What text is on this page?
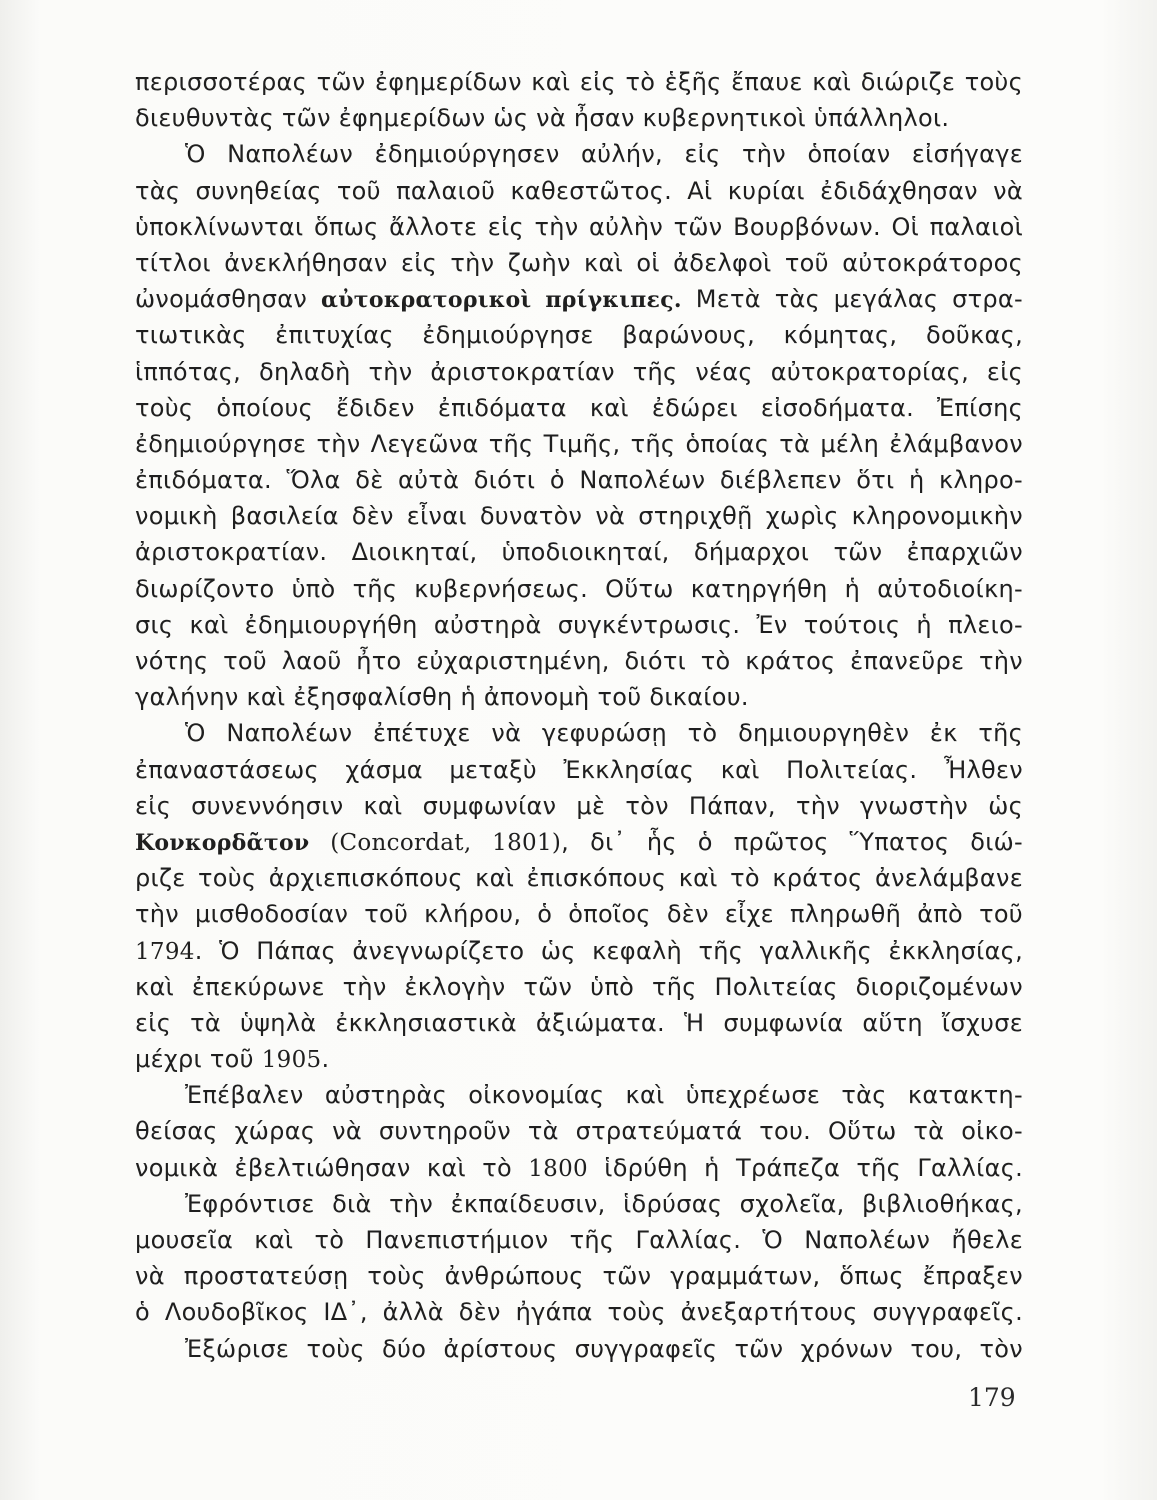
περισσοτέρας τῶν ἐφημερίδων καὶ εἰς τὸ ἑξῆς ἔπαυε καὶ διώριζε τοὺς
διευθυντὰς τῶν ἐφημερίδων ὡς νὰ ἦσαν κυβερνητικοὶ ὑπάλληλοι.
Ὁ Ναπολέων ἐδημιούργησεν αὐλήν, εἰς τὴν ὁποίαν εἰσήγαγε
τὰς συνηθείας τοῦ παλαιοῦ καθεστῶτος. Αἱ κυρίαι ἐδιδάχθησαν νὰ
ὑποκλίνωνται ὅπως ἄλλοτε εἰς τὴν αὐλὴν τῶν Βουρβόνων. Οἱ παλαιοὶ
τίτλοι ἀνεκλήθησαν εἰς τὴν ζωὴν καὶ οἱ ἀδελφοὶ τοῦ αὐτοκράτορος
ὠνομάσθησαν αὐτοκρατορικοὶ πρίγκιπες. Μετὰ τὰς μεγάλας στρα-
τιωτικὰς ἐπιτυχίας ἐδημιούργησε βαρώνους, κόμητας, δοῦκας,
ἱππότας, δηλαδὴ τὴν ἀριστοκρατίαν τῆς νέας αὐτοκρατορίας, εἰς
τοὺς ὁποίους ἔδιδεν ἐπιδόματα καὶ ἐδώρει εἰσοδήματα. Ἐπίσης
ἐδημιούργησε τὴν Λεγεῶνα τῆς Τιμῆς, τῆς ὁποίας τὰ μέλη ἐλάμβανον
ἐπιδόματα. Ὅλα δὲ αὐτὰ διότι ὁ Ναπολέων διέβλεπεν ὅτι ἡ κληρο-
νομικὴ βασιλεία δὲν εἶναι δυνατὸν νὰ στηριχθῇ χωρὶς κληρονομικὴν
ἀριστοκρατίαν. Διοικηταί, ὑποδιοικηταί, δήμαρχοι τῶν ἐπαρχιῶν
διωρίζοντο ὑπὸ τῆς κυβερνήσεως. Οὕτω κατηργήθη ἡ αὐτοδιοίκη-
σις καὶ ἐδημιουργήθη αὐστηρὰ συγκέντρωσις. Ἐν τούτοις ἡ πλειο-
νότης τοῦ λαοῦ ἦτο εὐχαριστημένη, διότι τὸ κράτος ἐπανεῦρε τὴν
γαλήνην καὶ ἐξησφαλίσθη ἡ ἀπονομὴ τοῦ δικαίου.
Ὁ Ναπολέων ἐπέτυχε νὰ γεφυρώσῃ τὸ δημιουργηθὲν ἐκ τῆς
ἐπαναστάσεως χάσμα μεταξὺ Ἐκκλησίας καὶ Πολιτείας. Ἦλθεν
εἰς συνεννόησιν καὶ συμφωνίαν μὲ τὸν Πάπαν, τὴν γνωστὴν ὡς
Κονκορδᾶτον (Concordat, 1801), δι᾽ ἧς ὁ πρῶτος Ὕπατος διώ-
ριζε τοὺς ἀρχιεπισκόπους καὶ ἐπισκόπους καὶ τὸ κράτος ἀνελάμβανε
τὴν μισθοδοσίαν τοῦ κλήρου, ὁ ὁποῖος δὲν εἶχε πληρωθῆ ἀπὸ τοῦ
1794. Ὁ Πάπας ἀνεγνωρίζετο ὡς κεφαλὴ τῆς γαλλικῆς ἐκκλησίας,
καὶ ἐπεκύρωνε τὴν ἐκλογὴν τῶν ὑπὸ τῆς Πολιτείας διοριζομένων
εἰς τὰ ὑψηλὰ ἐκκλησιαστικὰ ἀξιώματα. Ἡ συμφωνία αὕτη ἴσχυσε
μέχρι τοῦ 1905.
Ἐπέβαλεν αὐστηρὰς οἰκονομίας καὶ ὑπεχρέωσε τὰς κατακτη-
θείσας χώρας νὰ συντηροῦν τὰ στρατεύματά του. Οὕτω τὰ οἰκο-
νομικὰ ἐβελτιώθησαν καὶ τὸ 1800 ἱδρύθη ἡ Τράπεζα τῆς Γαλλίας.
Ἐφρόντισε διὰ τὴν ἐκπαίδευσιν, ἱδρύσας σχολεῖα, βιβλιοθήκας,
μουσεῖα καὶ τὸ Πανεπιστήμιον τῆς Γαλλίας. Ὁ Ναπολέων ἤθελε
νὰ προστατεύσῃ τοὺς ἀνθρώπους τῶν γραμμάτων, ὅπως ἔπραξεν
ὁ Λουδοβῖκος ΙΔ᾽, ἀλλὰ δὲν ἠγάπα τοὺς ἀνεξαρτήτους συγγραφεῖς.
Ἐξώρισε τοὺς δύο ἀρίστους συγγραφεῖς τῶν χρόνων του, τὸν
179
